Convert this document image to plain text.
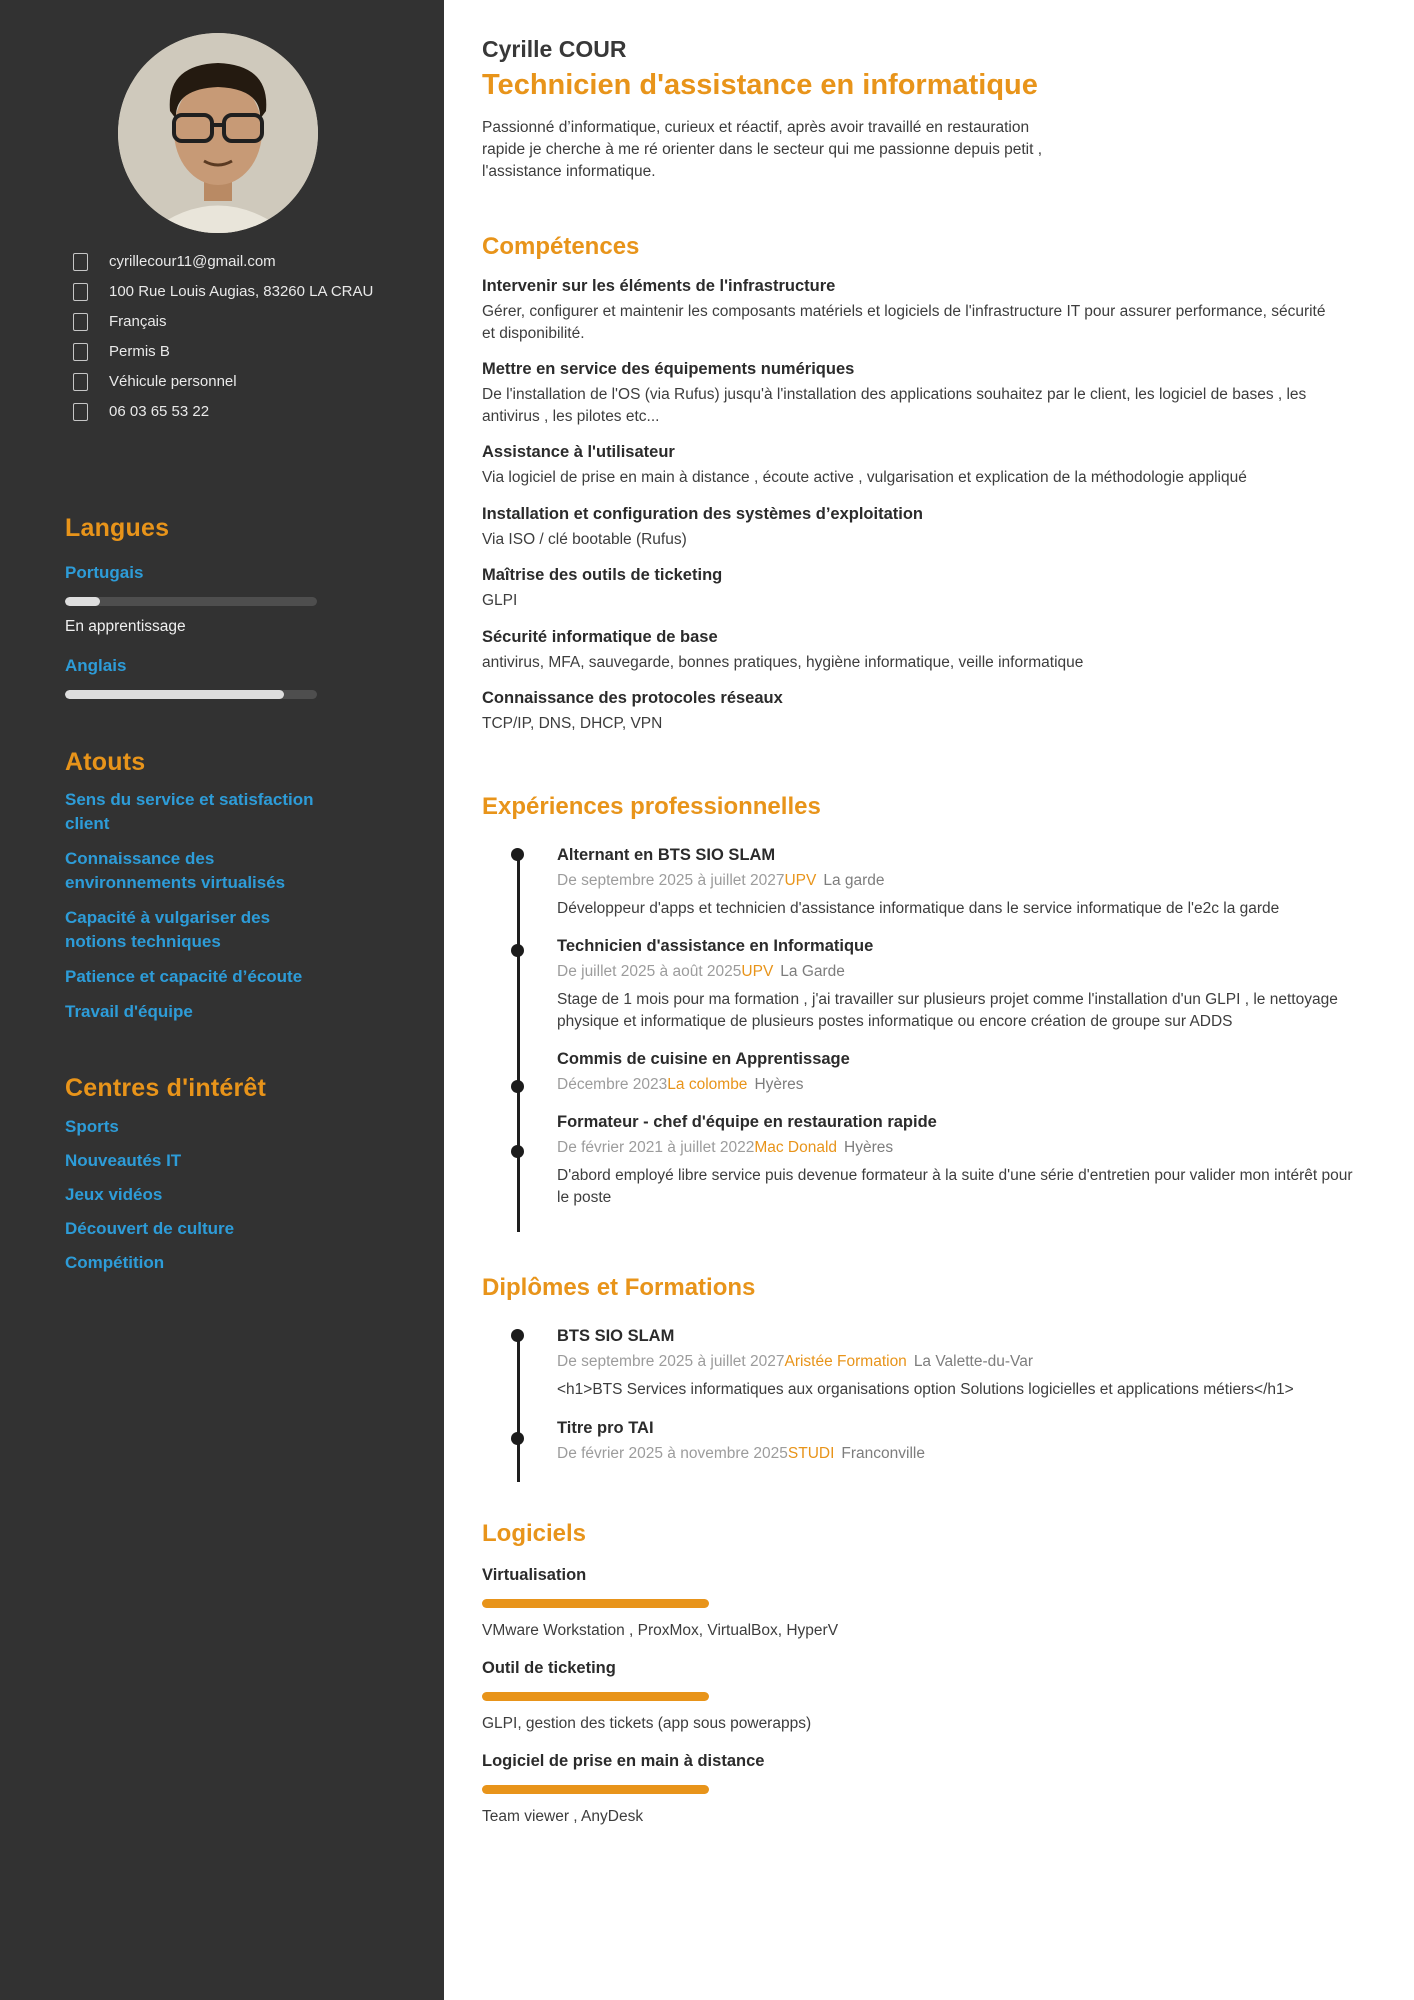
cyrillecour11@gmail.com
100 Rue Louis Augias, 83260 LA CRAU
Français
Permis B
Véhicule personnel
06 03 65 53 22
Langues
Portugais
En apprentissage
Anglais
Atouts
Sens du service et satisfaction client
Connaissance des environnements virtualisés
Capacité à vulgariser des notions techniques
Patience et capacité d’écoute
Travail d'équipe
Centres d'intérêt
Sports
Nouveautés IT
Jeux vidéos
Découvert de culture
Compétition
Cyrille COUR
Technicien d'assistance en informatique

Passionné d’informatique, curieux et réactif, après avoir travaillé en restauration rapide je cherche à me ré orienter dans le secteur qui me passionne depuis petit , l'assistance informatique.

Compétences
Intervenir sur les éléments de l'infrastructure

Gérer, configurer et maintenir les composants matériels et logiciels de l'infrastructure IT pour assurer performance, sécurité et disponibilité.

Mettre en service des équipements numériques

De l'installation de l'OS (via Rufus) jusqu'à l'installation des applications souhaitez par le client, les logiciel de bases , les antivirus , les pilotes etc...

Assistance à l'utilisateur

Via logiciel de prise en main à distance , écoute active , vulgarisation et explication de la méthodologie appliqué

Installation et configuration des systèmes d’exploitation

Via ISO / clé bootable (Rufus)

Maîtrise des outils de ticketing

GLPI

Sécurité informatique de base

antivirus, MFA, sauvegarde, bonnes pratiques, hygiène informatique, veille informatique

Connaissance des protocoles réseaux

TCP/IP, DNS, DHCP, VPN

Expériences professionnelles
Alternant en BTS SIO SLAM
De septembre 2025 à juillet 2027UPV La garde

Développeur d'apps et technicien d'assistance informatique dans le service informatique de l'e2c la garde

Technicien d'assistance en Informatique
De juillet 2025 à août 2025UPV La Garde

Stage de 1 mois pour ma formation , j'ai travailler sur plusieurs projet comme l'installation d'un GLPI , le nettoyage physique et informatique de plusieurs postes informatique ou encore création de groupe sur ADDS

Commis de cuisine en Apprentissage
Décembre 2023La colombe Hyères
Formateur - chef d'équipe en restauration rapide
De février 2021 à juillet 2022Mac Donald Hyères

D'abord employé libre service puis devenue formateur à la suite d'une série d'entretien pour valider mon intérêt pour le poste

Diplômes et Formations
BTS SIO SLAM
De septembre 2025 à juillet 2027Aristée Formation La Valette-du-Var

<h1>BTS Services informatiques aux organisations option Solutions logicielles et applications métiers</h1>

Titre pro TAI
De février 2025 à novembre 2025STUDI Franconville
Logiciels
Virtualisation

VMware Workstation , ProxMox, VirtualBox, HyperV

Outil de ticketing

GLPI, gestion des tickets (app sous powerapps)

Logiciel de prise en main à distance

Team viewer , AnyDesk
